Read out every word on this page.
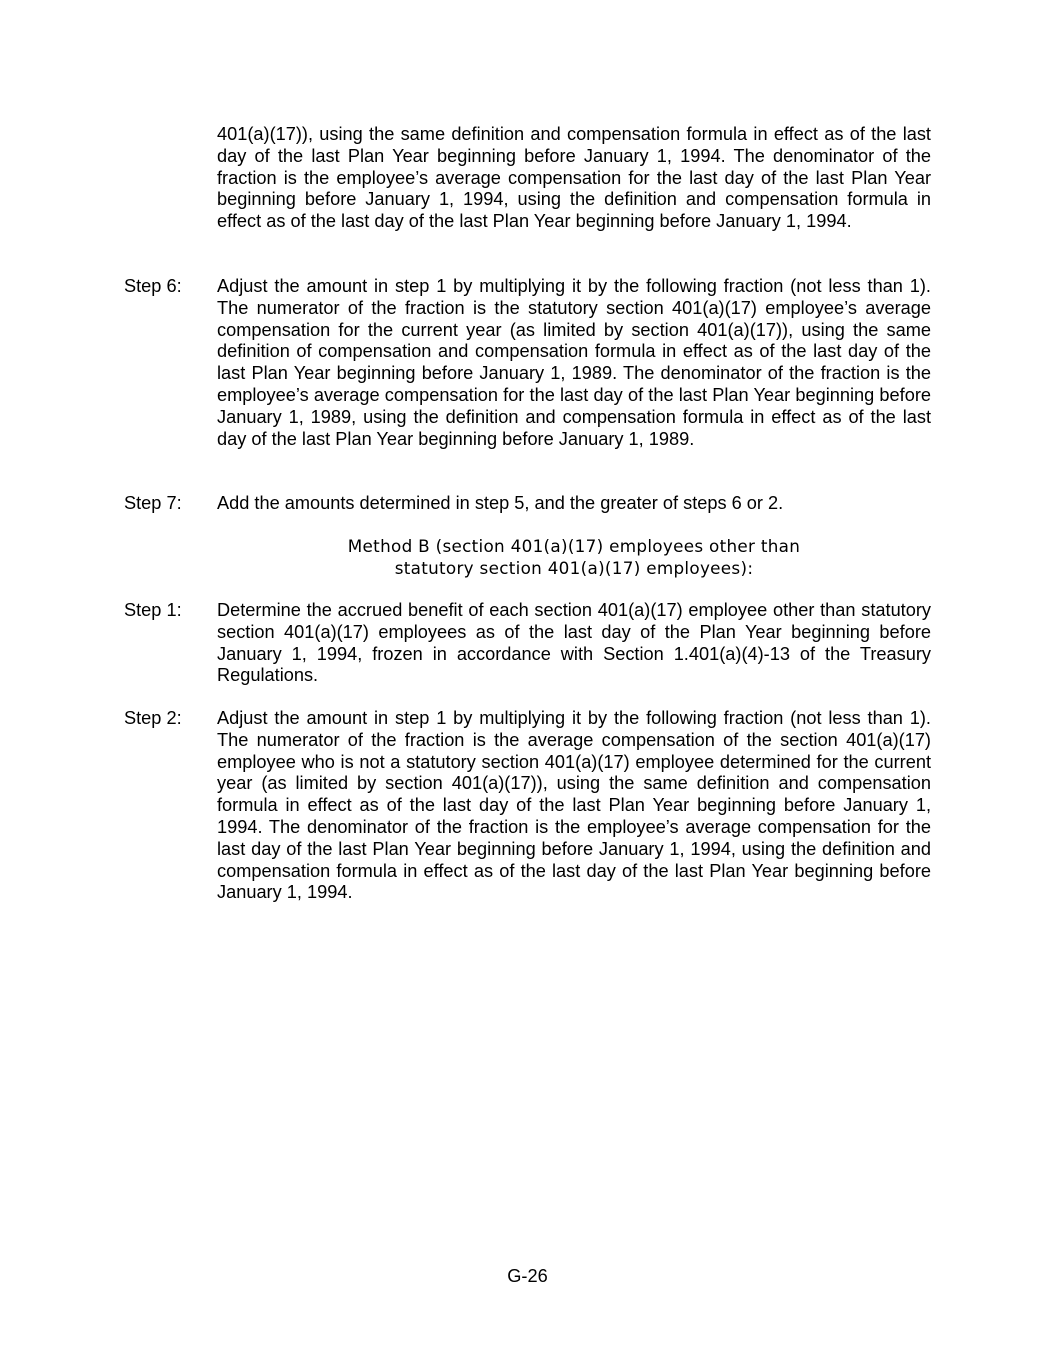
401(a)(17)), using the same definition and compensation formula in effect as of the last day of the last Plan Year beginning before January 1, 1994. The denominator of the fraction is the employee’s average compensation for the last day of the last Plan Year beginning before January 1, 1994, using the definition and compensation formula in effect as of the last day of the last Plan Year beginning before January 1, 1994.

Step 6: Adjust the amount in step 1 by multiplying it by the following fraction (not less than 1). The numerator of the fraction is the statutory section 401(a)(17) employee’s average compensation for the current year (as limited by section 401(a)(17)), using the same definition of compensation and compensation formula in effect as of the last day of the last Plan Year beginning before January 1, 1989. The denominator of the fraction is the employee’s average compensation for the last day of the last Plan Year beginning before January 1, 1989, using the definition and compensation formula in effect as of the last day of the last Plan Year beginning before January 1, 1989.

Step 7: Add the amounts determined in step 5, and the greater of steps 6 or 2.

Method B (section 401(a)(17) employees other than

statutory section 401(a)(17) employees):

Step 1: Determine the accrued benefit of each section 401(a)(17) employee other than statutory section 401(a)(17) employees as of the last day of the Plan Year beginning before January 1, 1994, frozen in accordance with Section 1.401(a)(4)-13 of the Treasury Regulations.

Step 2: Adjust the amount in step 1 by multiplying it by the following fraction (not less than 1). The numerator of the fraction is the average compensation of the section 401(a)(17) employee who is not a statutory section 401(a)(17) employee determined for the current year (as limited by section 401(a)(17)), using the same definition and compensation formula in effect as of the last day of the last Plan Year beginning before January 1, 1994. The denominator of the fraction is the employee’s average compensation for the last day of the last Plan Year beginning before January 1, 1994, using the definition and compensation formula in effect as of the last day of the last Plan Year beginning before January 1, 1994.

G-26
